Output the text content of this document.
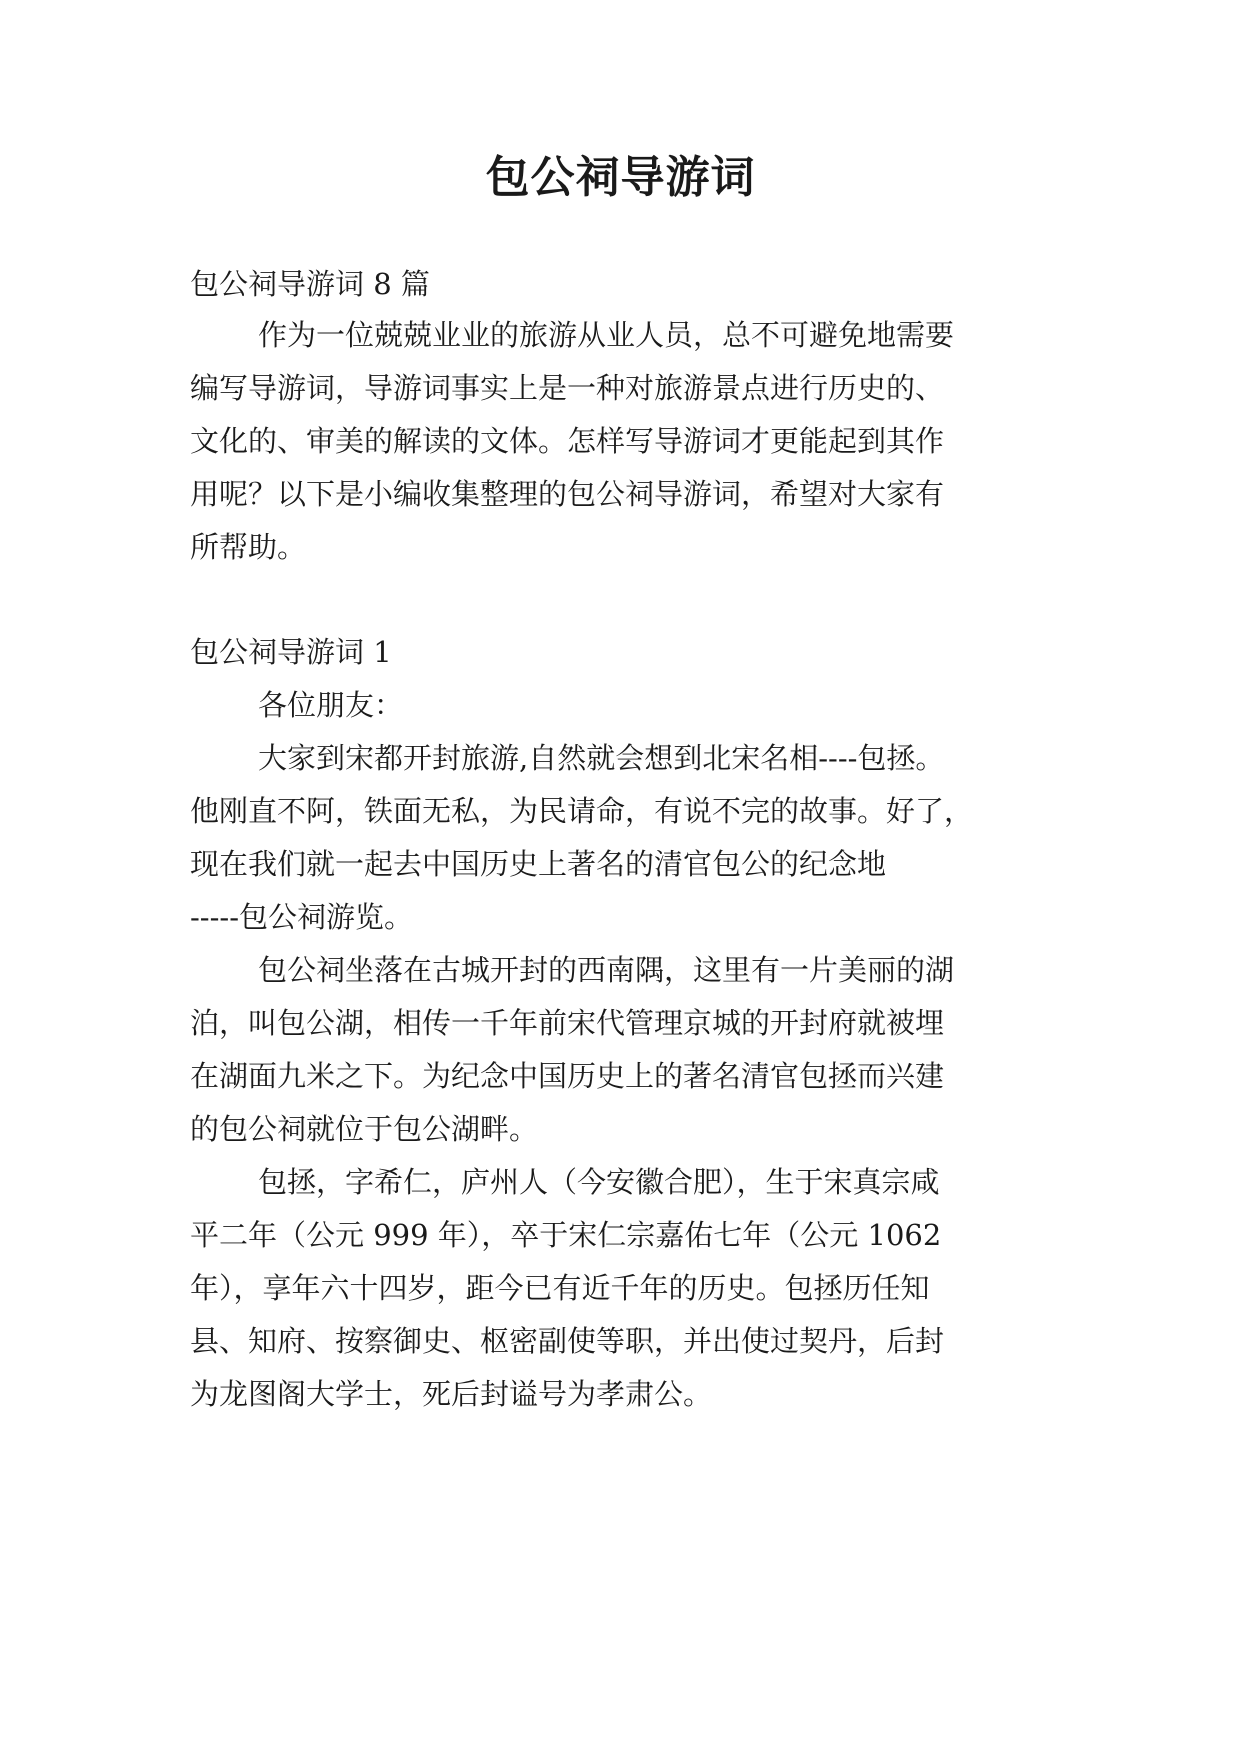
包公祠导游词
包公祠导游词 8 篇
作为一位兢兢业业的旅游从业人员，总不可避免地需要
编写导游词，导游词事实上是一种对旅游景点进行历史的、
文化的、审美的解读的文体。怎样写导游词才更能起到其作
用呢？以下是小编收集整理的包公祠导游词，希望对大家有
所帮助。
包公祠导游词 1
各位朋友：
大家到宋都开封旅游,自然就会想到北宋名相----包拯。
他刚直不阿，铁面无私，为民请命，有说不完的故事。好了，
现在我们就一起去中国历史上著名的清官包公的纪念地
-----包公祠游览。
包公祠坐落在古城开封的西南隅，这里有一片美丽的湖
泊，叫包公湖，相传一千年前宋代管理京城的开封府就被埋
在湖面九米之下。为纪念中国历史上的著名清官包拯而兴建
的包公祠就位于包公湖畔。
包拯，字希仁，庐州人（今安徽合肥），生于宋真宗咸
平二年（公元 999 年），卒于宋仁宗嘉佑七年（公元 1062
年），享年六十四岁，距今已有近千年的历史。包拯历任知
县、知府、按察御史、枢密副使等职，并出使过契丹，后封
为龙图阁大学士，死后封谥号为孝肃公。
